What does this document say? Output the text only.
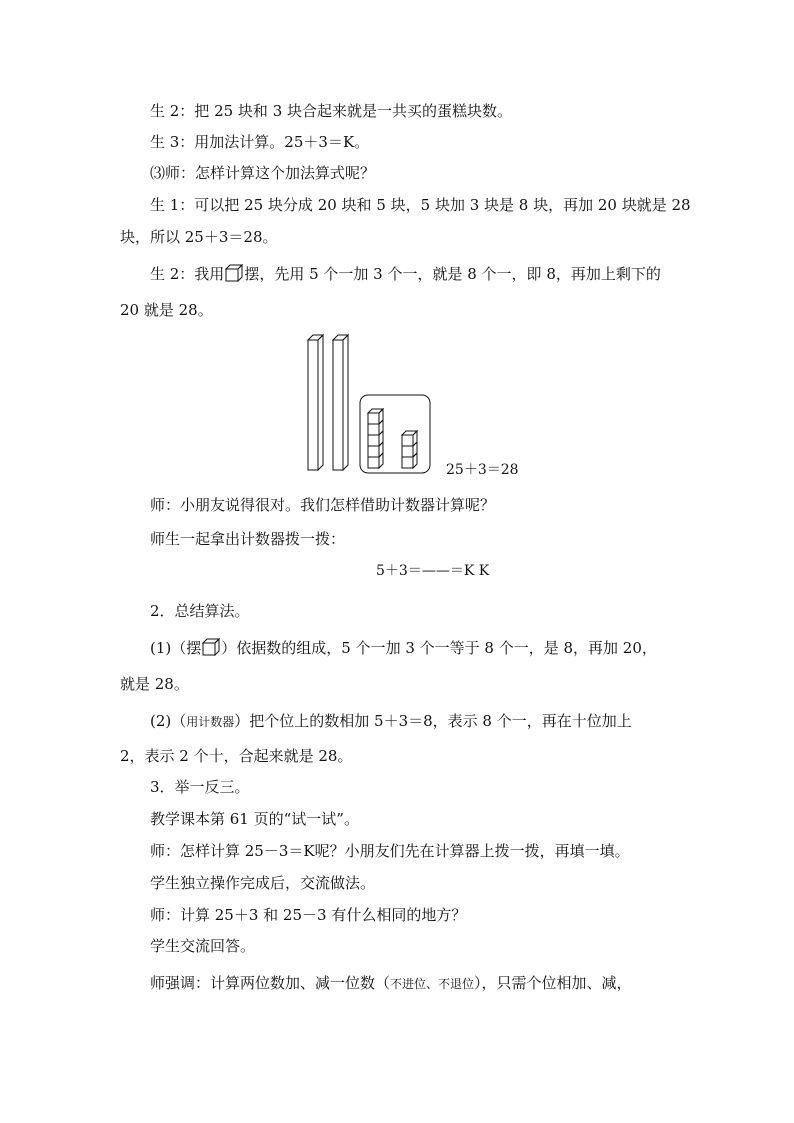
生 2：把 25 块和 3 块合起来就是一共买的蛋糕块数。
生 3：用加法计算。25＋3＝K。
⑶师：怎样计算这个加法算式呢？
生 1：可以把 25 块分成 20 块和 5 块，5 块加 3 块是 8 块，再加 20 块就是 28
块，所以 25＋3＝28。
生 2：我用 摆，先用 5 个一加 3 个一，就是 8 个一，即 8，再加上剩下的
20 就是 28。
25＋3＝28
师：小朋友说得很对。我们怎样借助计数器计算呢？
师生一起拿出计数器拨一拨：
5＋3＝——＝K K
2．总结算法。
(1)（摆 ）依据数的组成，5 个一加 3 个一等于 8 个一，是 8，再加 20，
就是 28。
(2)（用计数器）把个位上的数相加 5＋3＝8，表示 8 个一，再在十位加上
2，表示 2 个十，合起来就是 28。
3．举一反三。
教学课本第 61 页的“试一试”。
师：怎样计算 25－3＝K呢？小朋友们先在计算器上拨一拨，再填一填。
学生独立操作完成后，交流做法。
师：计算 25＋3 和 25－3 有什么相同的地方？
学生交流回答。
师强调：计算两位数加、减一位数（不进位、不退位），只需个位相加、减，
